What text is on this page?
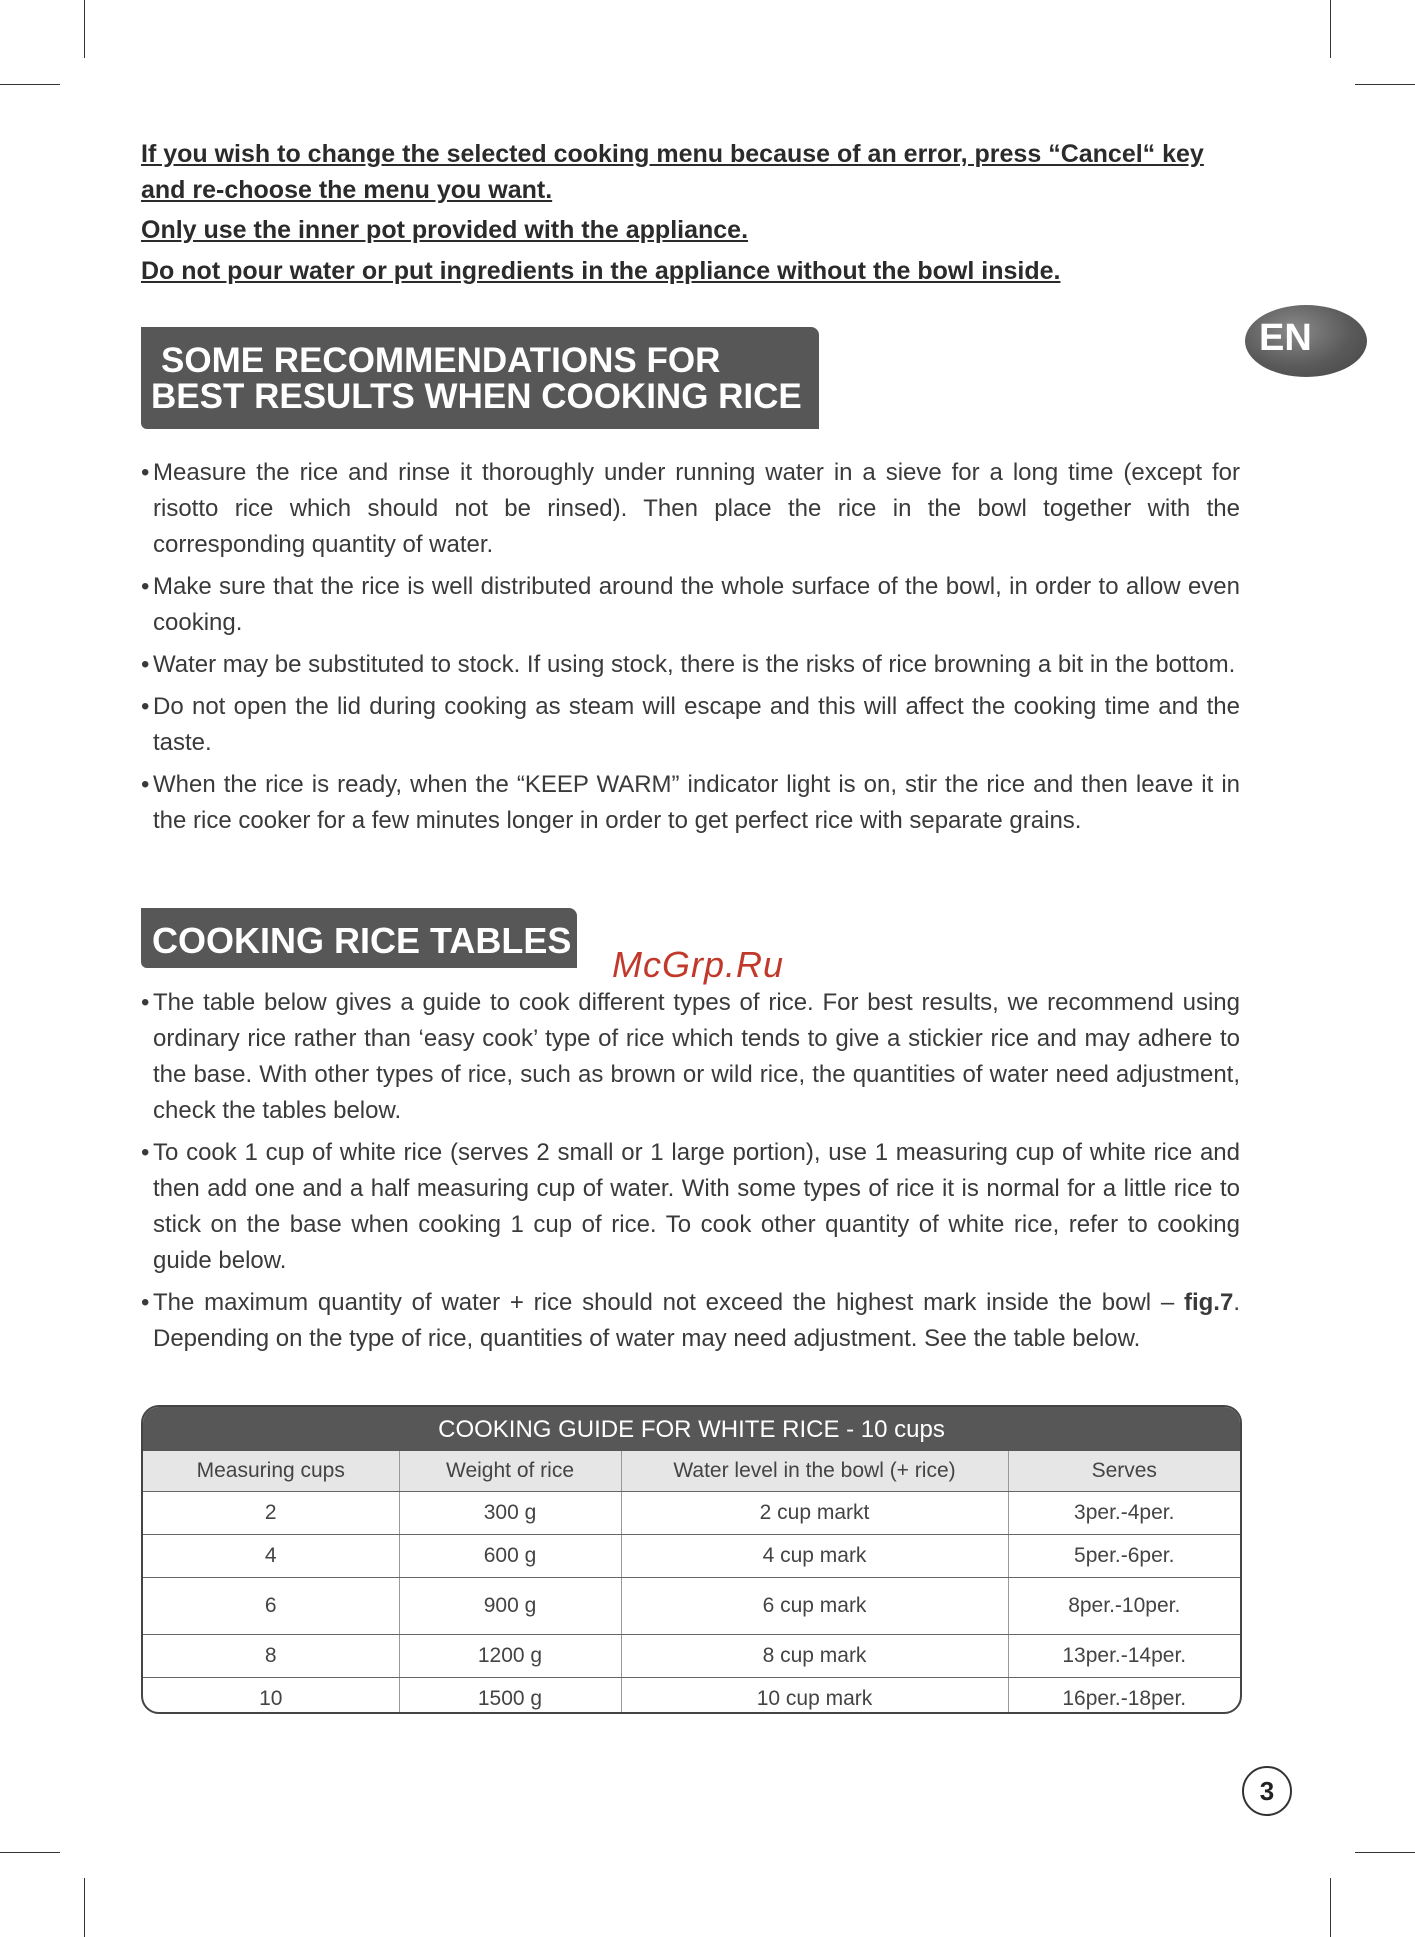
If you wish to change the selected cooking menu because of an error, press “Cancel“ key and re-choose the menu you want.
Only use the inner pot provided with the appliance.
Do not pour water or put ingredients in the appliance without the bowl inside.
EN
SOME RECOMMENDATIONS FOR
BEST RESULTS WHEN COOKING RICE
• Measure the rice and rinse it thoroughly under running water in a sieve for a long time (except for risotto rice which should not be rinsed). Then place the rice in the bowl together with the corresponding quantity of water.
• Make sure that the rice is well distributed around the whole surface of the bowl, in order to allow even cooking.
• Water may be substituted to stock. If using stock, there is the risks of rice browning a bit in the bottom.
• Do not open the lid during cooking as steam will escape and this will affect the cooking time and the taste.
• When the rice is ready, when the “KEEP WARM” indicator light is on, stir the rice and then leave it in the rice cooker for a few minutes longer in order to get perfect rice with separate grains.
COOKING RICE TABLES
McGrp.Ru
• The table below gives a guide to cook different types of rice. For best results, we recommend using ordinary rice rather than ‘easy cook’ type of rice which tends to give a stickier rice and may adhere to the base. With other types of rice, such as brown or wild rice, the quantities of water need adjustment, check the tables below.
• To cook 1 cup of white rice (serves 2 small or 1 large portion), use 1 measuring cup of white rice and then add one and a half measuring cup of water. With some types of rice it is normal for a little rice to stick on the base when cooking 1 cup of rice. To cook other quantity of white rice, refer to cooking guide below.
• The maximum quantity of water + rice should not exceed the highest mark inside the bowl – fig.7. Depending on the type of rice, quantities of water may need adjustment. See the table below.
COOKING GUIDE FOR WHITE RICE - 10 cups
Measuring cups	Weight of rice	Water level in the bowl (+ rice)	Serves
2	300 g	2 cup markt	3per.-4per.
4	600 g	4 cup mark	5per.-6per.
6	900 g	6 cup mark	8per.-10per.
8	1200 g	8 cup mark	13per.-14per.
10	1500 g	10 cup mark	16per.-18per.
3
